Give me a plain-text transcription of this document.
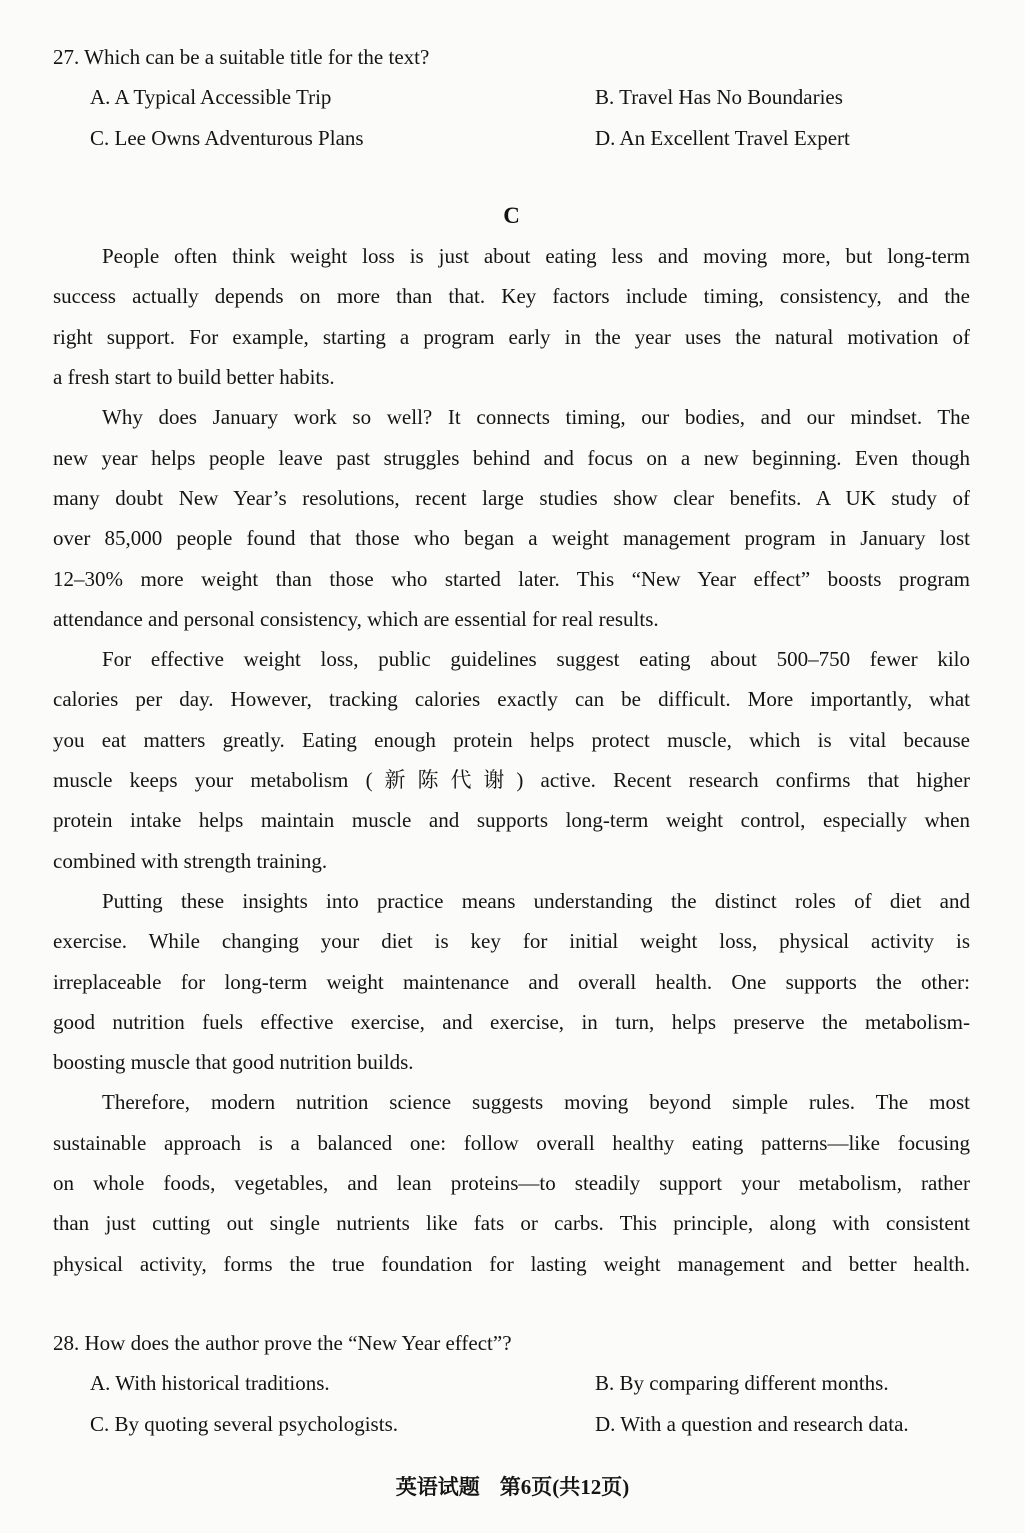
27. Which can be a suitable title for the text?
A. A Typical Accessible Trip	B. Travel Has No Boundaries
C. Lee Owns Adventurous Plans	D. An Excellent Travel Expert
C
People often think weight loss is just about eating less and moving more, but long-term
success actually depends on more than that. Key factors include timing, consistency, and the
right support. For example, starting a program early in the year uses the natural motivation of
a fresh start to build better habits.
Why does January work so well? It connects timing, our bodies, and our mindset. The
new year helps people leave past struggles behind and focus on a new beginning. Even though
many doubt New Year’s resolutions, recent large studies show clear benefits. A UK study of
over 85,000 people found that those who began a weight management program in January lost
12–30% more weight than those who started later. This “New Year effect” boosts program
attendance and personal consistency, which are essential for real results.
For effective weight loss, public guidelines suggest eating about 500–750 fewer kilo
calories per day. However, tracking calories exactly can be difficult. More importantly, what
you eat matters greatly. Eating enough protein helps protect muscle, which is vital because
muscle keeps your metabolism (新陈代谢) active. Recent research confirms that higher
protein intake helps maintain muscle and supports long-term weight control, especially when
combined with strength training.
Putting these insights into practice means understanding the distinct roles of diet and
exercise. While changing your diet is key for initial weight loss, physical activity is
irreplaceable for long-term weight maintenance and overall health. One supports the other:
good nutrition fuels effective exercise, and exercise, in turn, helps preserve the metabolism-
boosting muscle that good nutrition builds.
Therefore, modern nutrition science suggests moving beyond simple rules. The most
sustainable approach is a balanced one: follow overall healthy eating patterns—like focusing
on whole foods, vegetables, and lean proteins—to steadily support your metabolism, rather
than just cutting out single nutrients like fats or carbs. This principle, along with consistent
physical activity, forms the true foundation for lasting weight management and better health.
28. How does the author prove the “New Year effect”?
A. With historical traditions.	B. By comparing different months.
C. By quoting several psychologists.	D. With a question and research data.
英语试题 第6页(共12页)
